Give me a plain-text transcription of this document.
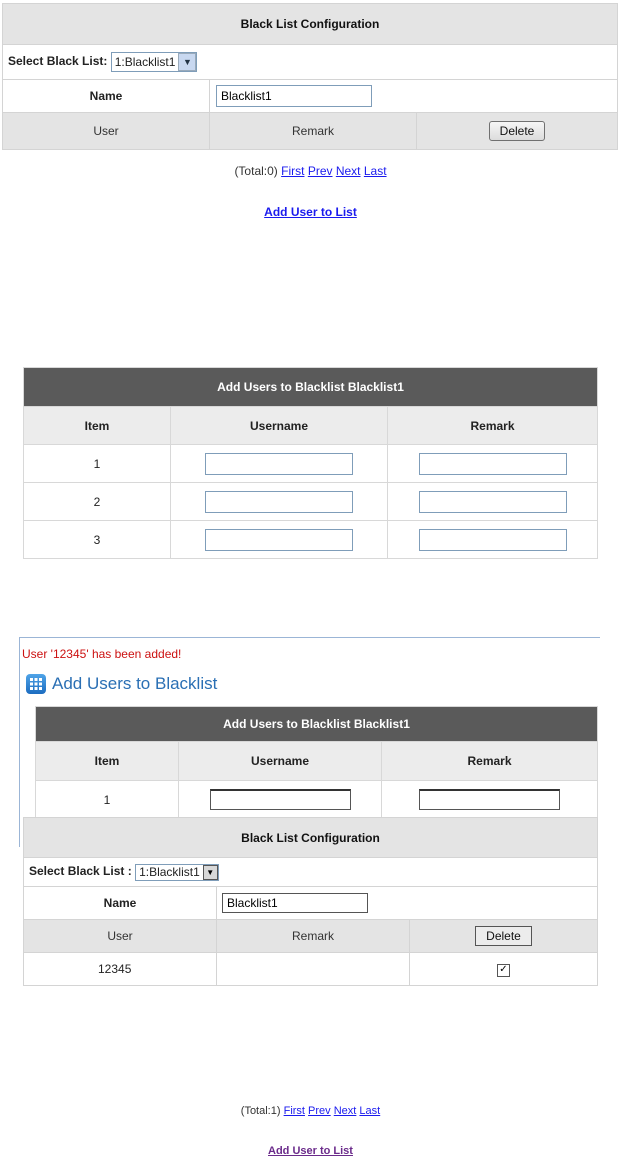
Black List Configuration		
Select Black List: 1:Blacklist1 ▼		

Name	Blacklist1
User	Remark	Delete
(Total:0) First Prev Next Last
Add User to List
Add Users to Blacklist Blacklist1		
Item	Username	Remark
1		
2		
3		
User '12345' has been added!
Add Users to Blacklist
Add Users to Blacklist Blacklist1		
Item	Username	Remark
1		

Black List Configuration		
Select Black List : 1:Blacklist1 ▼		

Name	Blacklist1
User	Remark	Delete
12345		✓
(Total:1) First Prev Next Last
Add User to List
